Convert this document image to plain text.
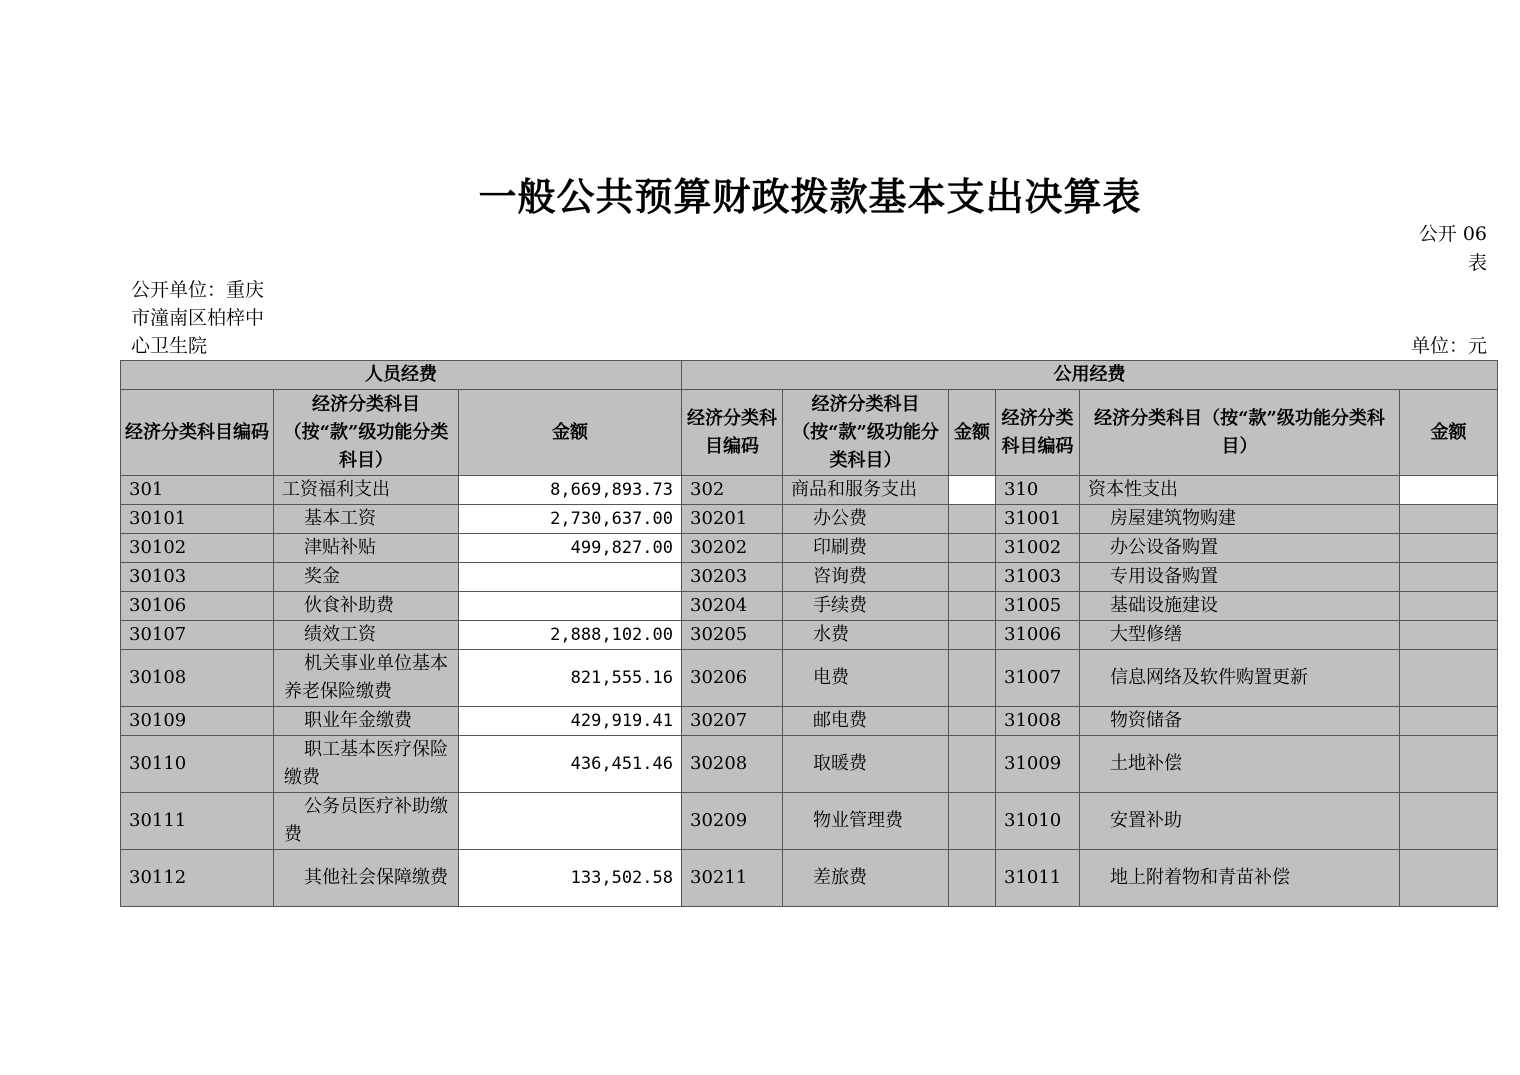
一般公共预算财政拨款基本支出决算表
公开 06 表
公开单位：重庆市潼南区柏梓中心卫生院	单位：元
人员经费			公用经费					
经济分类科目编码	经济分类科目（按“款”级功能分类科目）	金额	经济分类科目编码	经济分类科目（按“款”级功能分类科目）	金额	经济分类科目编码	经济分类科目（按“款”级功能分类科目）	金额
301	工资福利支出	8,669,893.73	302	商品和服务支出		310	资本性支出	
30101	基本工资	2,730,637.00	30201	办公费		31001	房屋建筑物购建	
30102	津贴补贴	499,827.00	30202	印刷费		31002	办公设备购置	
30103	奖金		30203	咨询费		31003	专用设备购置	
30106	伙食补助费		30204	手续费		31005	基础设施建设	
30107	绩效工资	2,888,102.00	30205	水费		31006	大型修缮	
30108	机关事业单位基本养老保险缴费	821,555.16	30206	电费		31007	信息网络及软件购置更新	
30109	职业年金缴费	429,919.41	30207	邮电费		31008	物资储备	
30110	职工基本医疗保险缴费	436,451.46	30208	取暖费		31009	土地补偿	
30111	公务员医疗补助缴费		30209	物业管理费		31010	安置补助	
30112	其他社会保障缴费	133,502.58	30211	差旅费		31011	地上附着物和青苗补偿	
